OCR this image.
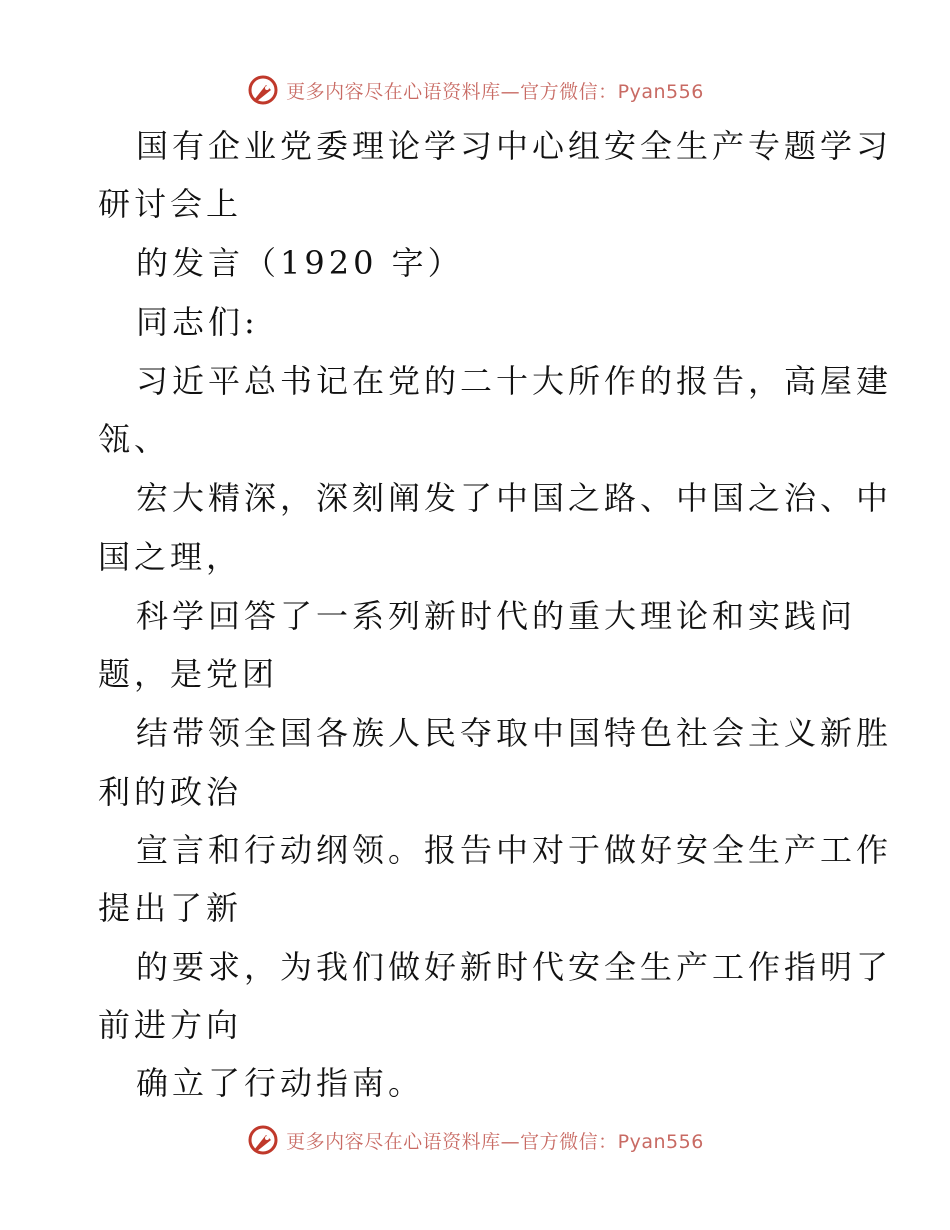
更多内容尽在心语资料库—官方微信：Pyan556
国有企业党委理论学习中心组安全生产专题学习
研讨会上
的发言（1920 字）
同志们:
习近平总书记在党的二十大所作的报告，高屋建
瓴、
宏大精深，深刻阐发了中国之路、中国之治、中
国之理，
科学回答了一系列新时代的重大理论和实践问
题，是党团
结带领全国各族人民夺取中国特色社会主义新胜
利的政治
宣言和行动纲领。报告中对于做好安全生产工作
提出了新
的要求，为我们做好新时代安全生产工作指明了
前进方向
确立了行动指南。
更多内容尽在心语资料库—官方微信：Pyan556
